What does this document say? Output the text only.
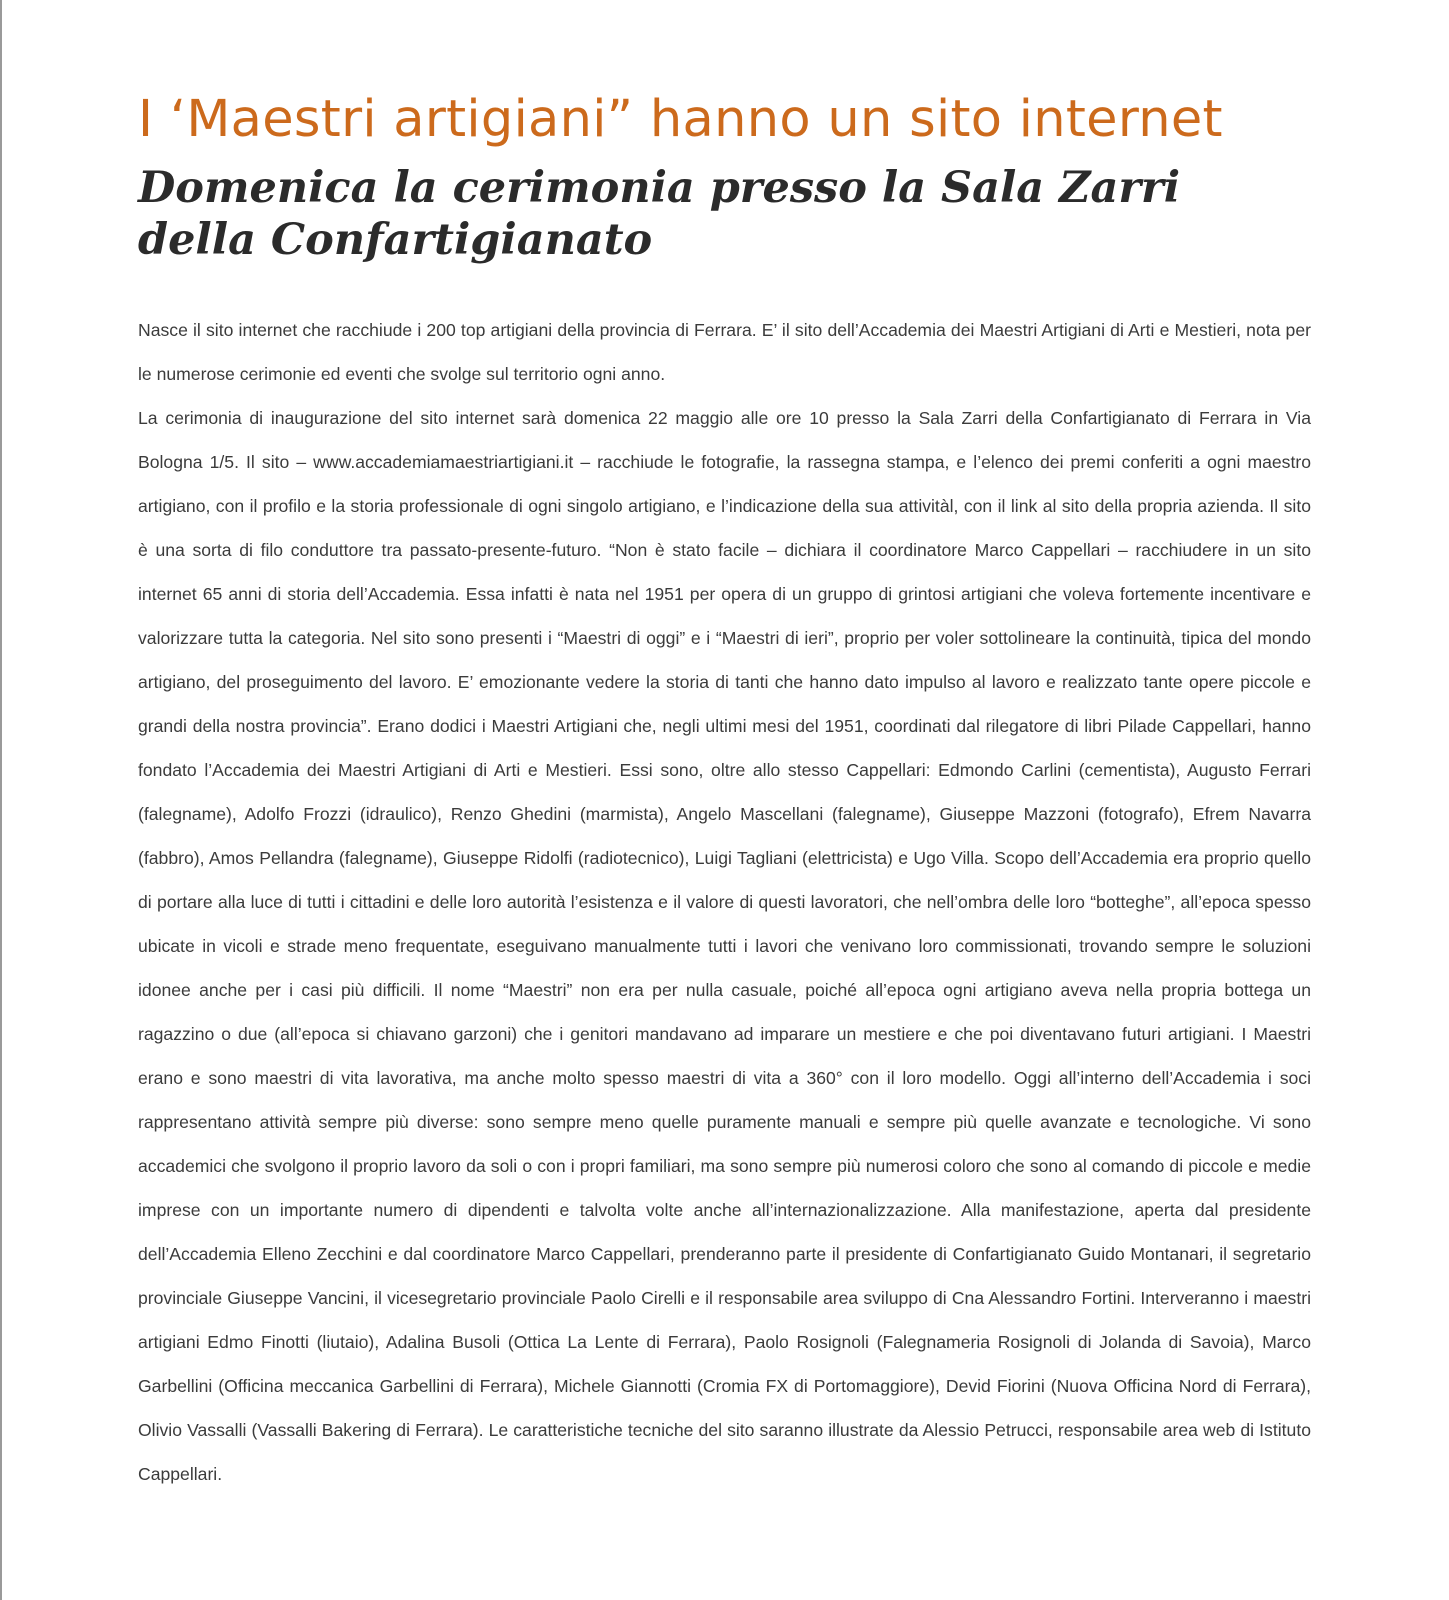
I ‘Maestri artigiani” hanno un sito internet
Domenica la cerimonia presso la Sala Zarri della Confartigianato

Nasce il sito internet che racchiude i 200 top artigiani della provincia di Ferrara. E’ il sito dell’Accademia dei Maestri Artigiani di Arti e Mestieri, nota per le numerose cerimonie ed eventi che svolge sul territorio ogni anno.

La cerimonia di inaugurazione del sito internet sarà domenica 22 maggio alle ore 10 presso la Sala Zarri della Confartigianato di Ferrara in Via Bologna 1/5. Il sito – www.accademiamaestriartigiani.it – racchiude le fotografie, la rassegna stampa, e l’elenco dei premi conferiti a ogni maestro artigiano, con il profilo e la storia professionale di ogni singolo artigiano, e l’indicazione della sua attivitàl, con il link al sito della propria azienda. Il sito è una sorta di filo conduttore tra passato-presente-futuro. “Non è stato facile – dichiara il coordinatore Marco Cappellari – racchiudere in un sito internet 65 anni di storia dell’Accademia. Essa infatti è nata nel 1951 per opera di un gruppo di grintosi artigiani che voleva fortemente incentivare e valorizzare tutta la categoria. Nel sito sono presenti i “Maestri di oggi” e i “Maestri di ieri”, proprio per voler sottolineare la continuità, tipica del mondo artigiano, del proseguimento del lavoro. E’ emozionante vedere la storia di tanti che hanno dato impulso al lavoro e realizzato tante opere piccole e grandi della nostra provincia”. Erano dodici i Maestri Artigiani che, negli ultimi mesi del 1951, coordinati dal rilegatore di libri Pilade Cappellari, hanno fondato l’Accademia dei Maestri Artigiani di Arti e Mestieri. Essi sono, oltre allo stesso Cappellari: Edmondo Carlini (cementista), Augusto Ferrari (falegname), Adolfo Frozzi (idraulico), Renzo Ghedini (marmista), Angelo Mascellani (falegname), Giuseppe Mazzoni (fotografo), Efrem Navarra (fabbro), Amos Pellandra (falegname), Giuseppe Ridolfi (radiotecnico), Luigi Tagliani (elettricista) e Ugo Villa. Scopo dell’Accademia era proprio quello di portare alla luce di tutti i cittadini e delle loro autorità l’esistenza e il valore di questi lavoratori, che nell’ombra delle loro “botteghe”, all’epoca spesso ubicate in vicoli e strade meno frequentate, eseguivano manualmente tutti i lavori che venivano loro commissionati, trovando sempre le soluzioni idonee anche per i casi più difficili. Il nome “Maestri” non era per nulla casuale, poiché all’epoca ogni artigiano aveva nella propria bottega un ragazzino o due (all’epoca si chiavano garzoni) che i genitori mandavano ad imparare un mestiere e che poi diventavano futuri artigiani. I Maestri erano e sono maestri di vita lavorativa, ma anche molto spesso maestri di vita a 360° con il loro modello. Oggi all’interno dell’Accademia i soci rappresentano attività sempre più diverse: sono sempre meno quelle puramente manuali e sempre più quelle avanzate e tecnologiche. Vi sono accademici che svolgono il proprio lavoro da soli o con i propri familiari, ma sono sempre più numerosi coloro che sono al comando di piccole e medie imprese con un importante numero di dipendenti e talvolta volte anche all’internazionalizzazione. Alla manifestazione, aperta dal presidente dell’Accademia Elleno Zecchini e dal coordinatore Marco Cappellari, prenderanno parte il presidente di Confartigianato Guido Montanari, il segretario provinciale Giuseppe Vancini, il vicesegretario provinciale Paolo Cirelli e il responsabile area sviluppo di Cna Alessandro Fortini. Interveranno i maestri artigiani Edmo Finotti (liutaio), Adalina Busoli (Ottica La Lente di Ferrara), Paolo Rosignoli (Falegnameria Rosignoli di Jolanda di Savoia), Marco Garbellini (Officina meccanica Garbellini di Ferrara), Michele Giannotti (Cromia FX di Portomaggiore), Devid Fiorini (Nuova Officina Nord di Ferrara), Olivio Vassalli (Vassalli Bakering di Ferrara). Le caratteristiche tecniche del sito saranno illustrate da Alessio Petrucci, responsabile area web di Istituto Cappellari.
